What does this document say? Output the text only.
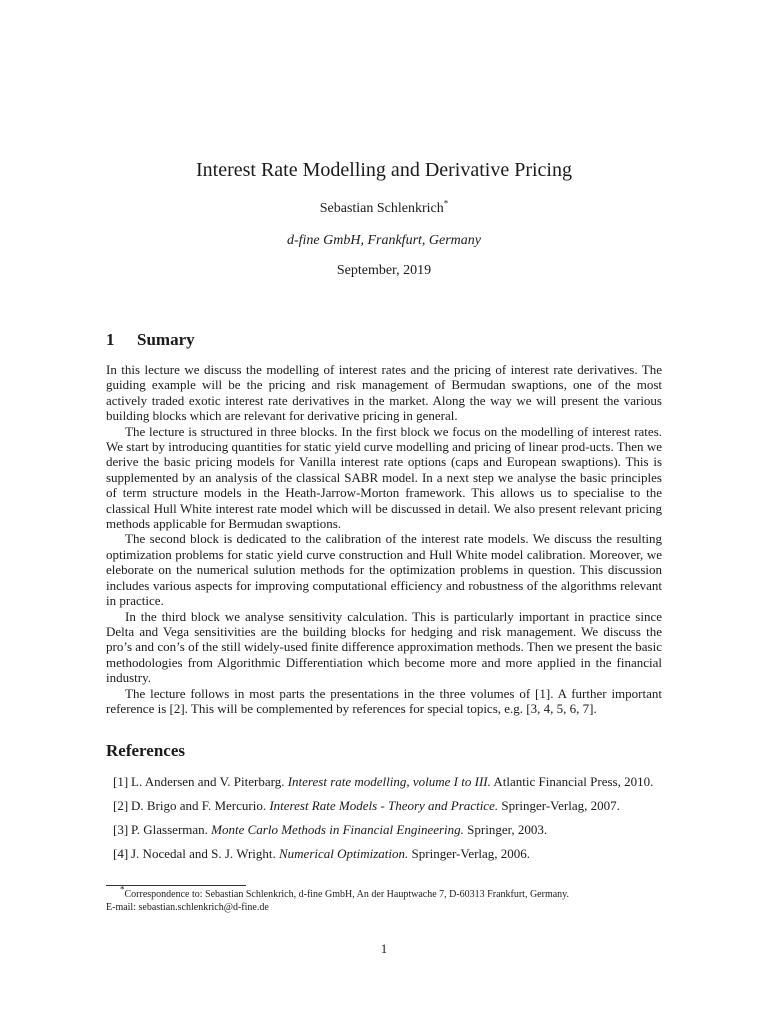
Interest Rate Modelling and Derivative Pricing
Sebastian Schlenkrich*
d-fine GmbH, Frankfurt, Germany
September, 2019
1 Sumary

In this lecture we discuss the modelling of interest rates and the pricing of interest rate derivatives. The guiding example will be the pricing and risk management of Bermudan swaptions, one of the most actively traded exotic interest rate derivatives in the market. Along the way we will present the various building blocks which are relevant for derivative pricing in general.

The lecture is structured in three blocks. In the first block we focus on the modelling of interest rates. We start by introducing quantities for static yield curve modelling and pricing of linear prod-ucts. Then we derive the basic pricing models for Vanilla interest rate options (caps and European swaptions). This is supplemented by an analysis of the classical SABR model. In a next step we analyse the basic principles of term structure models in the Heath-Jarrow-Morton framework. This allows us to specialise to the classical Hull White interest rate model which will be discussed in detail. We also present relevant pricing methods applicable for Bermudan swaptions.

The second block is dedicated to the calibration of the interest rate models. We discuss the resulting optimization problems for static yield curve construction and Hull White model calibration. Moreover, we eleborate on the numerical sulution methods for the optimization problems in question. This discussion includes various aspects for improving computational efficiency and robustness of the algorithms relevant in practice.

In the third block we analyse sensitivity calculation. This is particularly important in practice since Delta and Vega sensitivities are the building blocks for hedging and risk management. We discuss the pro’s and con’s of the still widely-used finite difference approximation methods. Then we present the basic methodologies from Algorithmic Differentiation which become more and more applied in the financial industry.

The lecture follows in most parts the presentations in the three volumes of [1]. A further important reference is [2]. This will be complemented by references for special topics, e.g. [3, 4, 5, 6, 7].

References
[1] L. Andersen and V. Piterbarg. Interest rate modelling, volume I to III. Atlantic Financial Press, 2010.
[2] D. Brigo and F. Mercurio. Interest Rate Models - Theory and Practice. Springer-Verlag, 2007.
[3] P. Glasserman. Monte Carlo Methods in Financial Engineering. Springer, 2003.
[4] J. Nocedal and S. J. Wright. Numerical Optimization. Springer-Verlag, 2006.

*Correspondence to: Sebastian Schlenkrich, d-fine GmbH, An der Hauptwache 7, D-60313 Frankfurt, Germany.

E-mail: sebastian.schlenkrich@d-fine.de

1
